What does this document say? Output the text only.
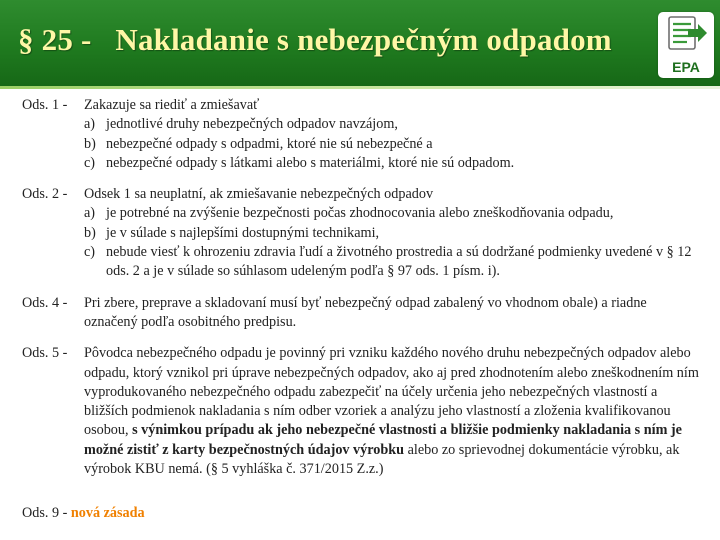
§ 25 -   Nakladanie s nebezpečným odpadom
EPA
Ods. 1 -	Zakazuje sa riediť a zmiešavať
a) jednotlivé druhy nebezpečných odpadov navzájom,
b) nebezpečné odpady s odpadmi, ktoré nie sú nebezpečné a
c) nebezpečné odpady s látkami alebo s materiálmi, ktoré nie sú odpadom.
Ods. 2 -	Odsek 1 sa neuplatní, ak zmiešavanie nebezpečných odpadov
a) je potrebné na zvýšenie bezpečnosti počas zhodnocovania alebo zneškodňovania odpadu,
b) je v súlade s najlepšími dostupnými technikami,
c) nebude viesť k ohrozeniu zdravia ľudí a životného prostredia a sú dodržané podmienky uvedené v § 12 ods. 2 a je v súlade so súhlasom udeleným podľa § 97 ods. 1 písm. i).
Ods. 4 -	Pri zbere, preprave a skladovaní musí byť nebezpečný odpad zabalený vo vhodnom obale) a riadne označený podľa osobitného predpisu.
Ods. 5 -	Pôvodca nebezpečného odpadu je povinný pri vzniku každého nového druhu nebezpečných odpadov alebo odpadu, ktorý vznikol pri úprave nebezpečných odpadov, ako aj pred zhodnotením alebo zneškodnením ním vyprodukovaného nebezpečného odpadu zabezpečiť na účely určenia jeho nebezpečných vlastností a bližších podmienok nakladania s ním odber vzoriek a analýzu jeho vlastností a zloženia kvalifikovanou osobou, s výnimkou prípadu ak jeho nebezpečné vlastnosti a bližšie podmienky nakladania s ním je možné zistiť z karty bezpečnostných údajov výrobku alebo zo sprievodnej dokumentácie výrobku, ak výrobok KBU nemá. (§ 5 vyhláška č. 371/2015 Z.z.)
Ods. 9 - nová zásada
